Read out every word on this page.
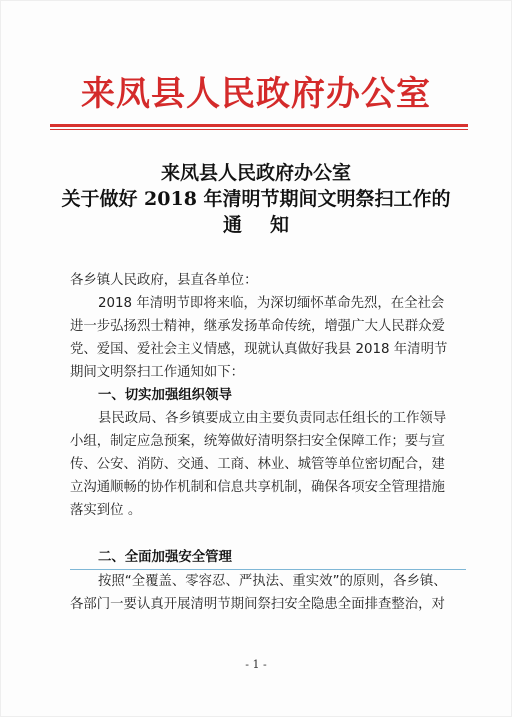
来凤县人民政府办公室
来凤县人民政府办公室
关于做好 2018 年清明节期间文明祭扫工作的
通知
各乡镇人民政府，县直各单位：
2018 年清明节即将来临，为深切缅怀革命先烈，在全社会
进一步弘扬烈士精神，继承发扬革命传统，增强广大人民群众爱
党、爱国、爱社会主义情感，现就认真做好我县 2018 年清明节
期间文明祭扫工作通知如下：
一、切实加强组织领导
县民政局、各乡镇要成立由主要负责同志任组长的工作领导
小组，制定应急预案，统筹做好清明祭扫安全保障工作；要与宣
传、公安、消防、交通、工商、林业、城管等单位密切配合，建
立沟通顺畅的协作机制和信息共享机制，确保各项安全管理措施
落实到位 。
二、全面加强安全管理
按照“全覆盖、零容忍、严执法、重实效”的原则，各乡镇、
各部门一要认真开展清明节期间祭扫安全隐患全面排查整治，对
- 1 -
